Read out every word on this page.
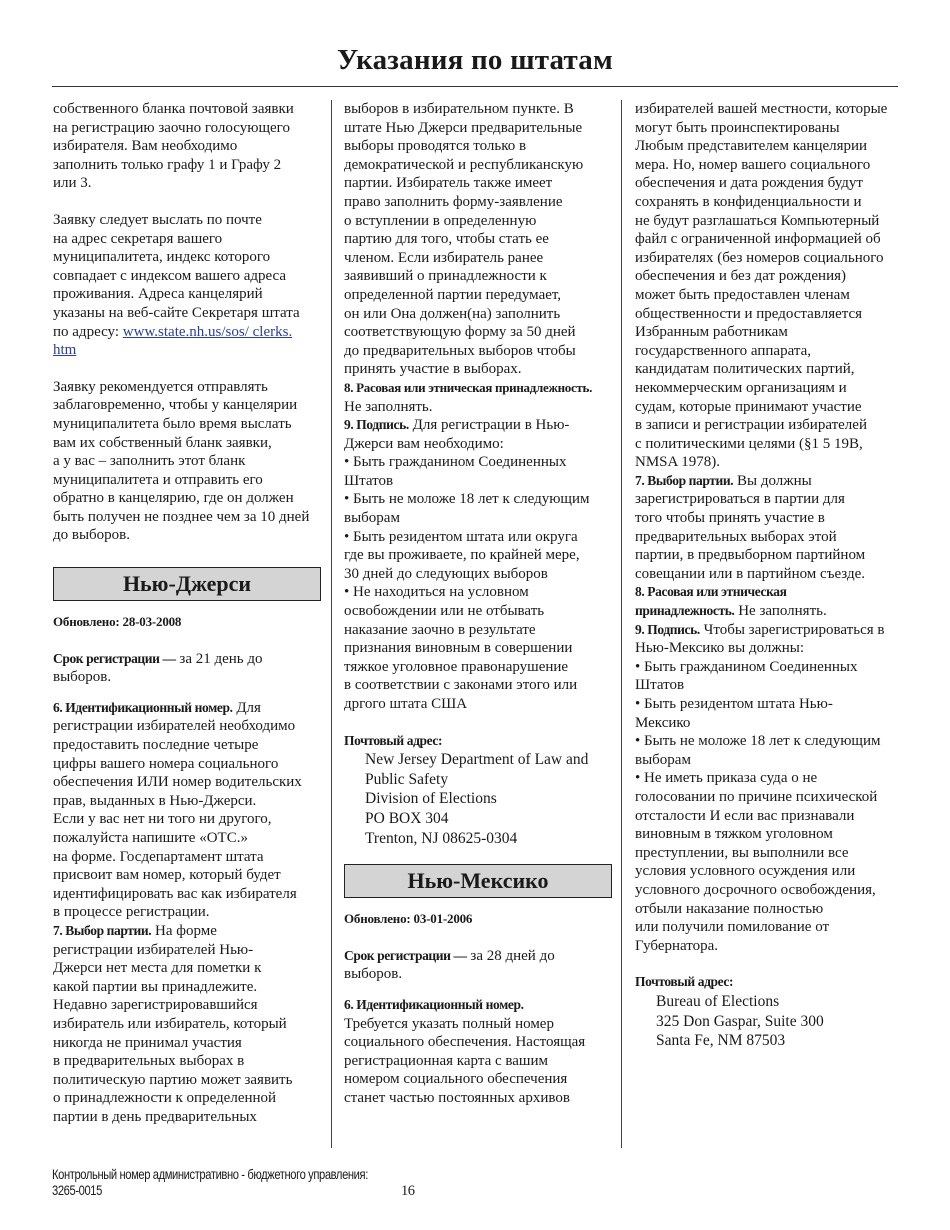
Указания по штатам

собственного бланка почтовой заявки
на регистрацию заочно голосующего
избирателя. Вам необходимо
заполнить только графу 1 и Графу 2
или 3.

Заявку следует выслать по почте
на адрес секретаря вашего
муниципалитета, индекс которого
совпадает с индексом вашего адреса
проживания. Адреса канцелярий
указаны на веб-сайте Секретаря штата
по адресу: www.state.nh.us/sos/ clerks.
htm

Заявку рекомендуется отправлять
заблаговременно, чтобы у канцелярии
муниципалитета было время выслать
вам их собственный бланк заявки,
а у вас – заполнить этот бланк
муниципалитета и отправить его
обратно в канцелярию, где он должен
быть получен не позднее чем за 10 дней
до выборов.

Нью-Джерси
Обновлено: 28-03-2008

Срок регистрации — за 21 день до
выборов.

6. Идентификационный номер. Для
регистрации избирателей необходимо
предоставить последние четыре
цифры вашего номера социального
обеспечения ИЛИ номер водительских
прав, выданных в Нью-Джерси.
Если у вас нет ни того ни другого,
пожалуйста напишите «ОТС.»
на форме. Госдепартамент штата
присвоит вам номер, который будет
идентифицировать вас как избирателя
в процессе регистрации.

7. Выбор партии. На форме
регистрации избирателей Нью-
Джерси нет места для пометки к
какой партии вы принадлежите.
Недавно зарегистрировавшийся
избиратель или избиратель, который
никогда не принимал участия
в предварительных выборах в
политическую партию может заявить
о принадлежности к определенной
партии в день предварительных

выборов в избирательном пункте. В
штате Нью Джерси предварительные
выборы проводятся только в
демократической и республиканскую
партии. Избиратель также имеет
право заполнить форму-заявление
о вступлении в определенную
партию для того, чтобы стать ее
членом. Если избиратель ранее
заявивший о принадлежности к
определенной партии передумает,
он или Она должен(на) заполнить
соответствующую форму за 50 дней
до предварительных выборов чтобы
принять участие в выборах.

8. Расовая или этническая принадлежность.

Не заполнять.

9. Подпись. Для регистрации в Нью-
Джерси вам необходимо:

• Быть гражданином Соединенных
Штатов

• Быть не моложе 18 лет к следующим
выборам

• Быть резидентом штата или округа
где вы проживаете, по крайней мере,
30 дней до следующих выборов

• Не находиться на условном
освобождении или не отбывать
наказание заочно в результате
признания виновным в совершении
тяжкое уголовное правонарушение
в соответствии с законами этого или
дргого штата США

Почтовый адрес:
New Jersey Department of Law and
Public Safety
Division of Elections
PO BOX 304
Trenton, NJ 08625-0304
Нью-Мексико
Обновлено: 03-01-2006

Срок регистрации — за 28 дней до
выборов.

6. Идентификационный номер.

Требуется указать полный номер
социального обеспечения. Настоящая
регистрационная карта с вашим
номером социального обеспечения
станет частью постоянных архивов

избирателей вашей местности, которые
могут быть проинспектированы
Любым представителем канцелярии
мера. Но, номер вашего социального
обеспечения и дата рождения будут
сохранять в конфиденциальности и
не будут разглашаться Компьютерный
файл с ограниченной информацией об
избирателях (без номеров социального
обеспечения и без дат рождения)
может быть предоставлен членам
общественности и предоставляется
Избранным работникам
государственного аппарата,
кандидатам политических партий,
некоммерческим организациям и
судам, которые принимают участие
в записи и регистрации избирателей
с политическими целями (§1 5 19B,
NMSA 1978).

7. Выбор партии. Вы должны
зарегистрироваться в партии для
того чтобы принять участие в
предварительных выборах этой
партии, в предвыборном партийном
совещании или в партийном съезде.

8. Расовая или этническая
принадлежность. Не заполнять.

9. Подпись. Чтобы зарегистрироваться в
Нью-Мексико вы должны:

• Быть гражданином Соединенных
Штатов

• Быть резидентом штата Нью-
Мексико

• Быть не моложе 18 лет к следующим
выборам

• Не иметь приказа суда о не
голосовании по причине психической
отсталости И если вас признавали
виновным в тяжком уголовном
преступлении, вы выполнили все
условия условного осуждения или
условного досрочного освобождения,
отбыли наказание полностью
или получили помилование от
Губернатора.

Почтовый адрес:
Bureau of Elections
325 Don Gaspar, Suite 300
Santa Fe, NM 87503
Контрольный номер административно - бюджетного управления: 3265-0015	16
